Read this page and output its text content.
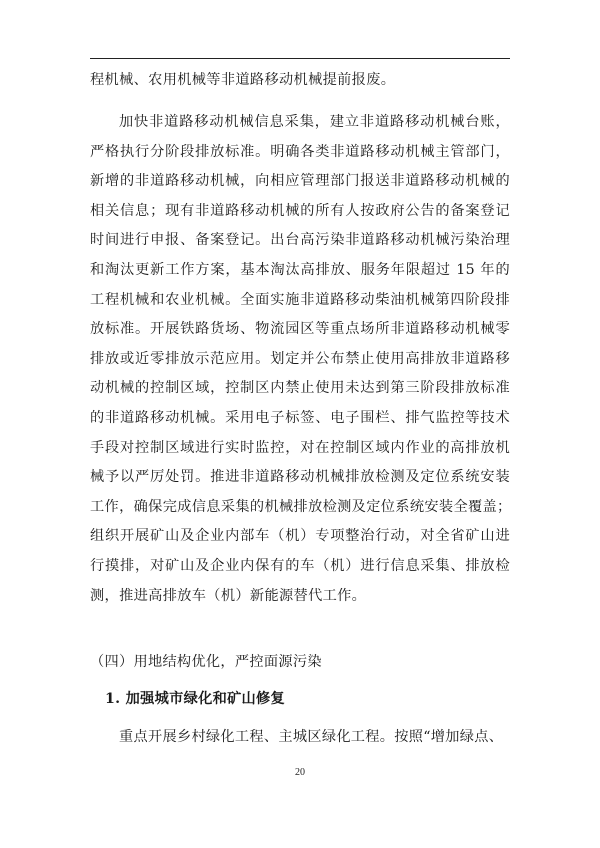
程机械、农用机械等非道路移动机械提前报废。
加快非道路移动机械信息采集，建立非道路移动机械台账，
严格执行分阶段排放标准。明确各类非道路移动机械主管部门，
新增的非道路移动机械，向相应管理部门报送非道路移动机械的
相关信息；现有非道路移动机械的所有人按政府公告的备案登记
时间进行申报、备案登记。出台高污染非道路移动机械污染治理
和淘汰更新工作方案，基本淘汰高排放、服务年限超过 15 年的
工程机械和农业机械。全面实施非道路移动柴油机械第四阶段排
放标准。开展铁路货场、物流园区等重点场所非道路移动机械零
排放或近零排放示范应用。划定并公布禁止使用高排放非道路移
动机械的控制区域，控制区内禁止使用未达到第三阶段排放标准
的非道路移动机械。采用电子标签、电子围栏、排气监控等技术
手段对控制区域进行实时监控，对在控制区域内作业的高排放机
械予以严厉处罚。推进非道路移动机械排放检测及定位系统安装
工作，确保完成信息采集的机械排放检测及定位系统安装全覆盖；
组织开展矿山及企业内部车（机）专项整治行动，对全省矿山进
行摸排，对矿山及企业内保有的车（机）进行信息采集、排放检
测，推进高排放车（机）新能源替代工作。
（四）用地结构优化，严控面源污染
1. 加强城市绿化和矿山修复
重点开展乡村绿化工程、主城区绿化工程。按照“增加绿点、
20
